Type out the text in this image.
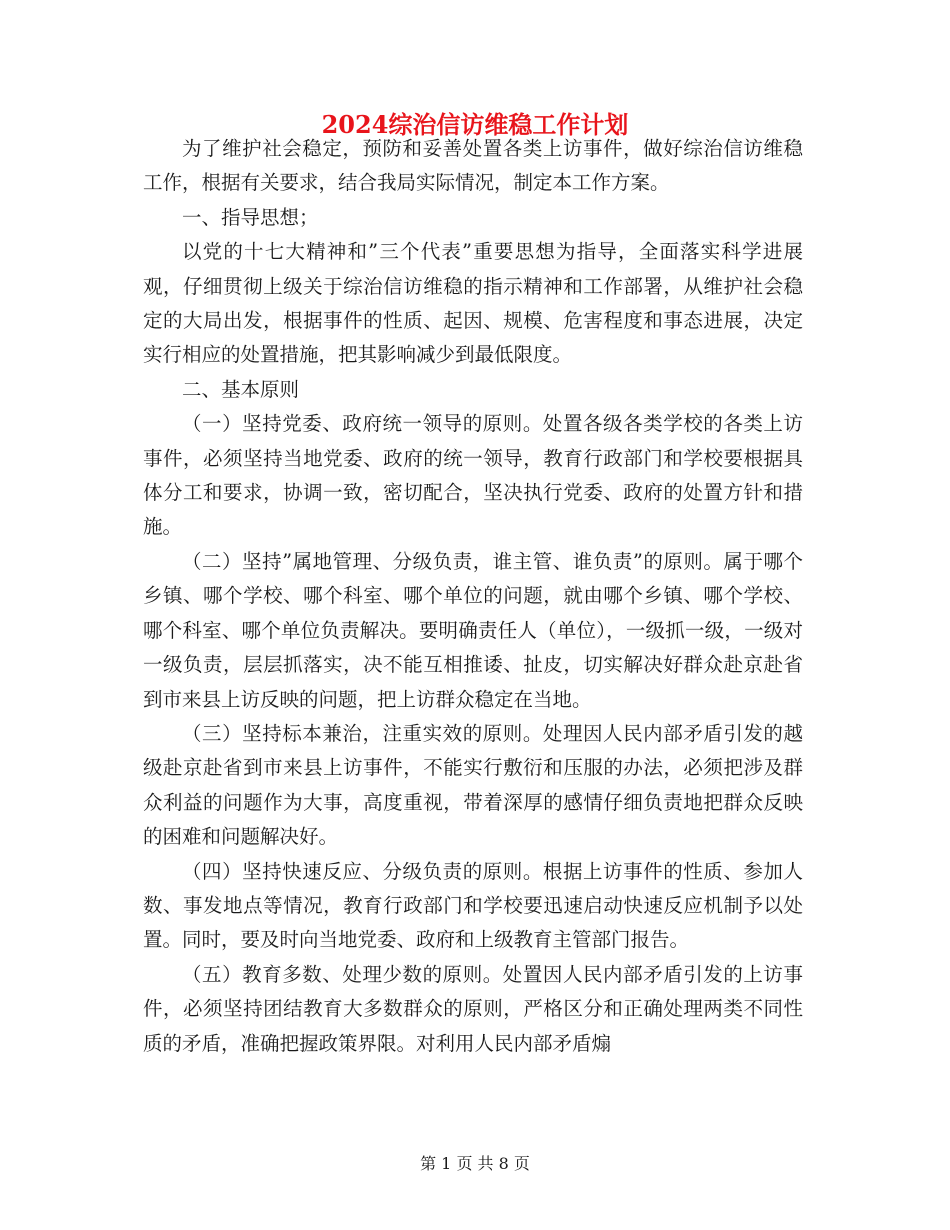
2024综治信访维稳工作计划

为了维护社会稳定，预防和妥善处置各类上访事件，做好综治信访维稳工作，根据有关要求，结合我局实际情况，制定本工作方案。

一、指导思想；

以党的十七大精神和”三个代表”重要思想为指导，全面落实科学进展观，仔细贯彻上级关于综治信访维稳的指示精神和工作部署，从维护社会稳定的大局出发，根据事件的性质、起因、规模、危害程度和事态进展，决定实行相应的处置措施，把其影响减少到最低限度。

二、基本原则

（一）坚持党委、政府统一领导的原则。处置各级各类学校的各类上访事件，必须坚持当地党委、政府的统一领导，教育行政部门和学校要根据具体分工和要求，协调一致，密切配合，坚决执行党委、政府的处置方针和措施。

（二）坚持”属地管理、分级负责，谁主管、谁负责”的原则。属于哪个乡镇、哪个学校、哪个科室、哪个单位的问题，就由哪个乡镇、哪个学校、哪个科室、哪个单位负责解决。要明确责任人（单位），一级抓一级，一级对一级负责，层层抓落实，决不能互相推诿、扯皮，切实解决好群众赴京赴省到市来县上访反映的问题，把上访群众稳定在当地。

（三）坚持标本兼治，注重实效的原则。处理因人民内部矛盾引发的越级赴京赴省到市来县上访事件，不能实行敷衍和压服的办法，必须把涉及群众利益的问题作为大事，高度重视，带着深厚的感情仔细负责地把群众反映的困难和问题解决好。

（四）坚持快速反应、分级负责的原则。根据上访事件的性质、参加人数、事发地点等情况，教育行政部门和学校要迅速启动快速反应机制予以处置。同时，要及时向当地党委、政府和上级教育主管部门报告。

（五）教育多数、处理少数的原则。处置因人民内部矛盾引发的上访事件，必须坚持团结教育大多数群众的原则，严格区分和正确处理两类不同性质的矛盾，准确把握政策界限。对利用人民内部矛盾煽

第 1 页 共 8 页
